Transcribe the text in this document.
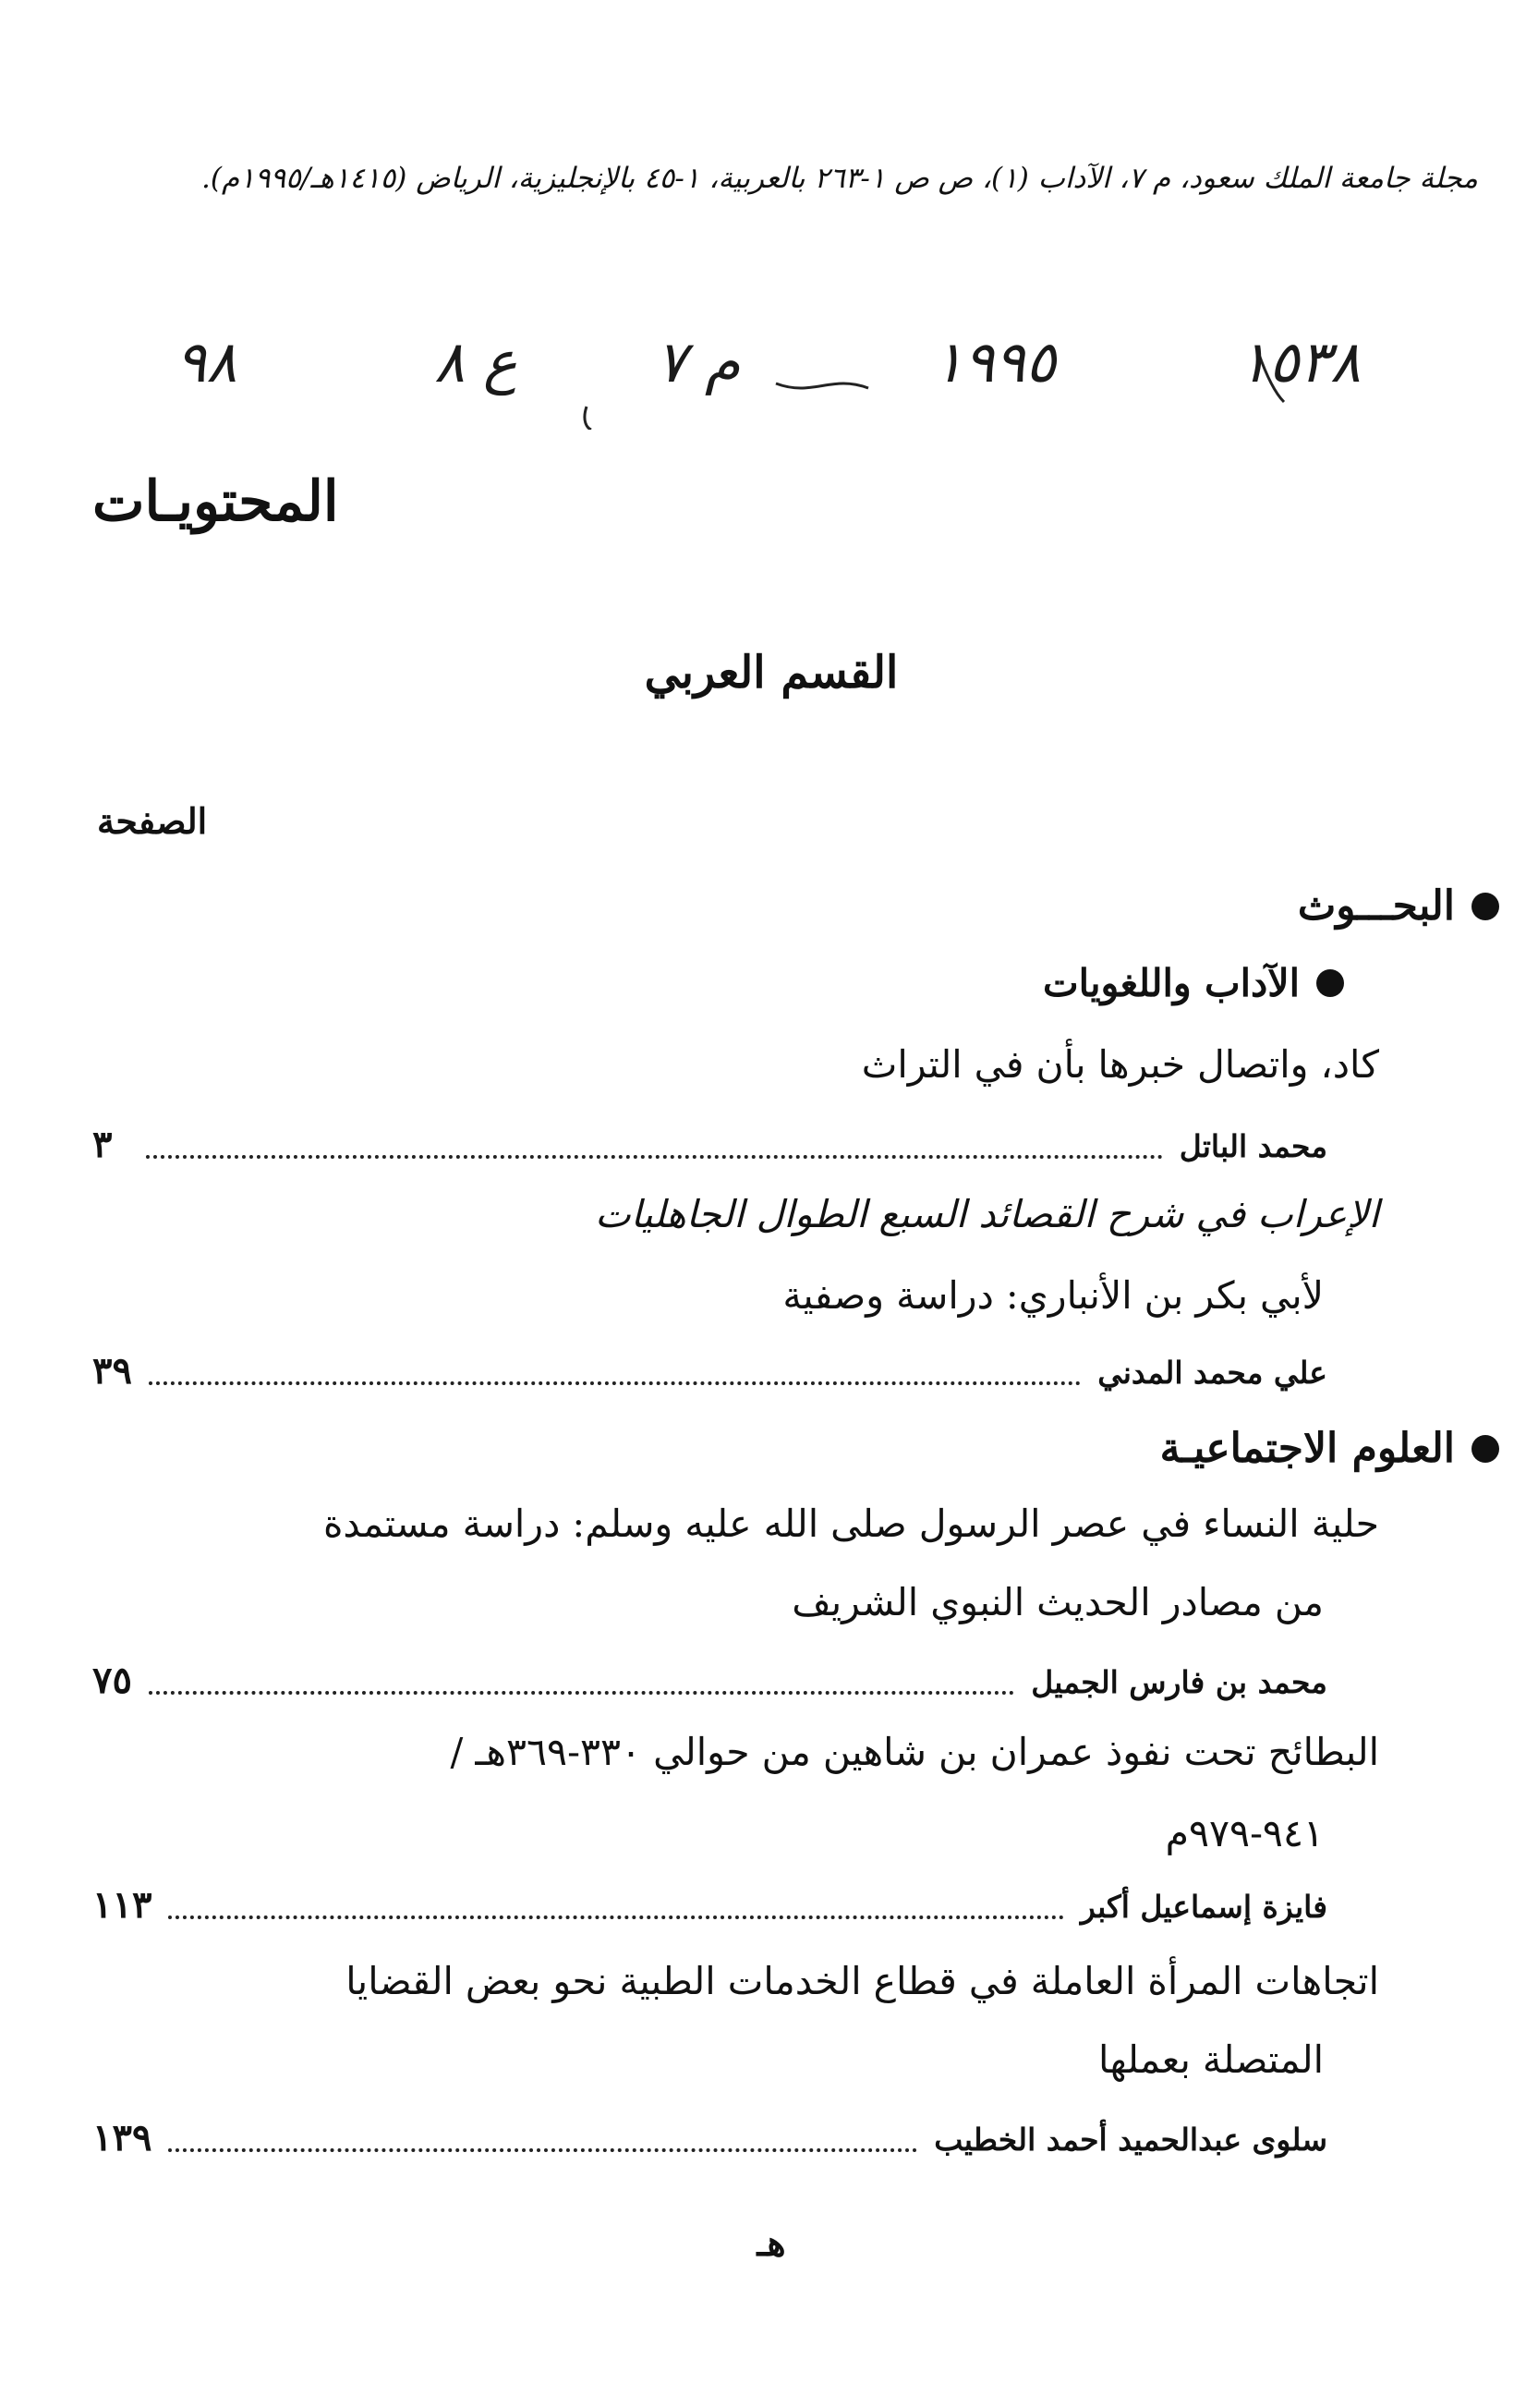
مجلة جامعة الملك سعود، م ٧، الآداب (١)، ص ص ١-٢٦٣ بالعربية، ١-٤٥ بالإنجليزية، الرياض (١٤١٥هـ/١٩٩٥م).
١٥٣٨
١٩٩٥
م ٧
ع ٨
٩٨
المحتويـات
القسم العربي
الصفحة
البحـــوث
الآداب واللغويات
كاد، واتصال خبرها بأن في التراث
محمد الباتل
٣
الإعراب في شرح القصائد السبع الطوال الجاهليات
لأبي بكر بن الأنباري: دراسة وصفية
علي محمد المدني
٣٩
العلوم الاجتماعيـة
حلية النساء في عصر الرسول صلى الله عليه وسلم: دراسة مستمدة
من مصادر الحديث النبوي الشريف
محمد بن فارس الجميل
٧٥
البطائح تحت نفوذ عمران بن شاهين من حوالي ٣٣٠-٣٦٩هـ /
٩٤١-٩٧٩م
فايزة إسماعيل أكبر
١١٣
اتجاهات المرأة العاملة في قطاع الخدمات الطبية نحو بعض القضايا
المتصلة بعملها
سلوى عبدالحميد أحمد الخطيب
١٣٩
هـ
